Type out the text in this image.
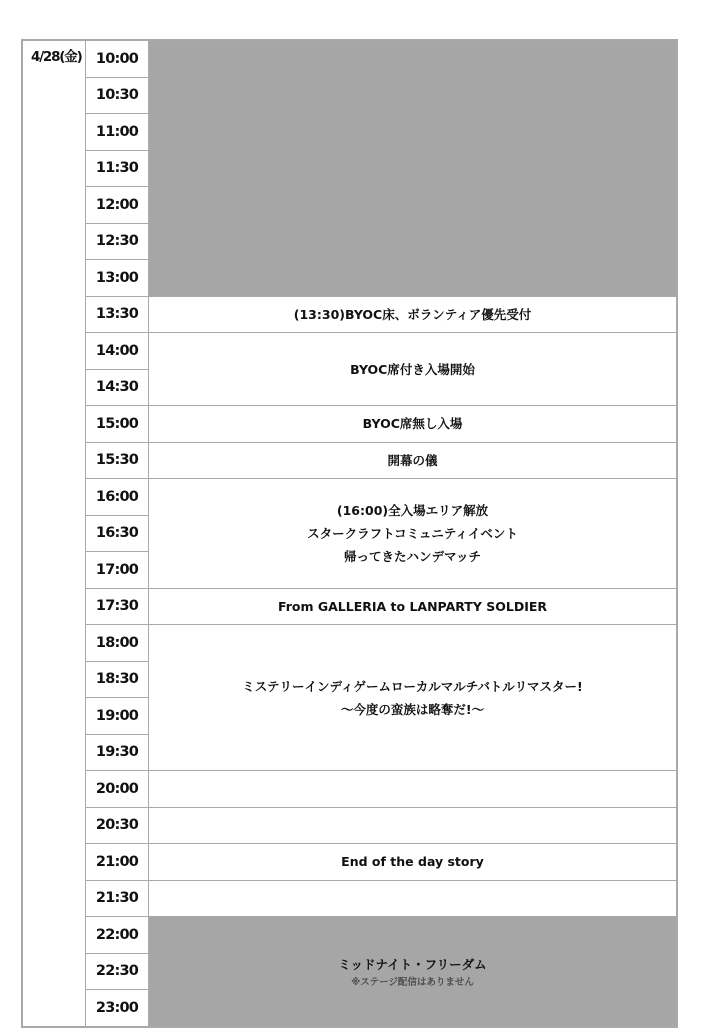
4/28(金)	10:00	
	10:30	
	11:00	
	11:30	
	12:00	
	12:30	
	13:00	
	13:30	(13:30)BYOC床、ボランティア優先受付

	14:00	BYOC席付き入場開始

	14:30	
	15:00	BYOC席無し入場

	15:30	開幕の儀

	16:00	(16:00)全入場エリア解放
スタークラフトコミュニティイベント
帰ってきたハンデマッチ

	16:30	
	17:00	
	17:30	From GALLERIA to LANPARTY SOLDIER

	18:00	ミステリーインディゲームローカルマルチバトルリマスター!
～今度の蛮族は略奪だ!～

	18:30	
	19:00	
	19:30	
	20:00	
	20:30	
	21:00	End of the day story

	21:30	
	22:00	ミッドナイト・フリーダム
※ステージ配信はありません

	22:30	
	23:00	
